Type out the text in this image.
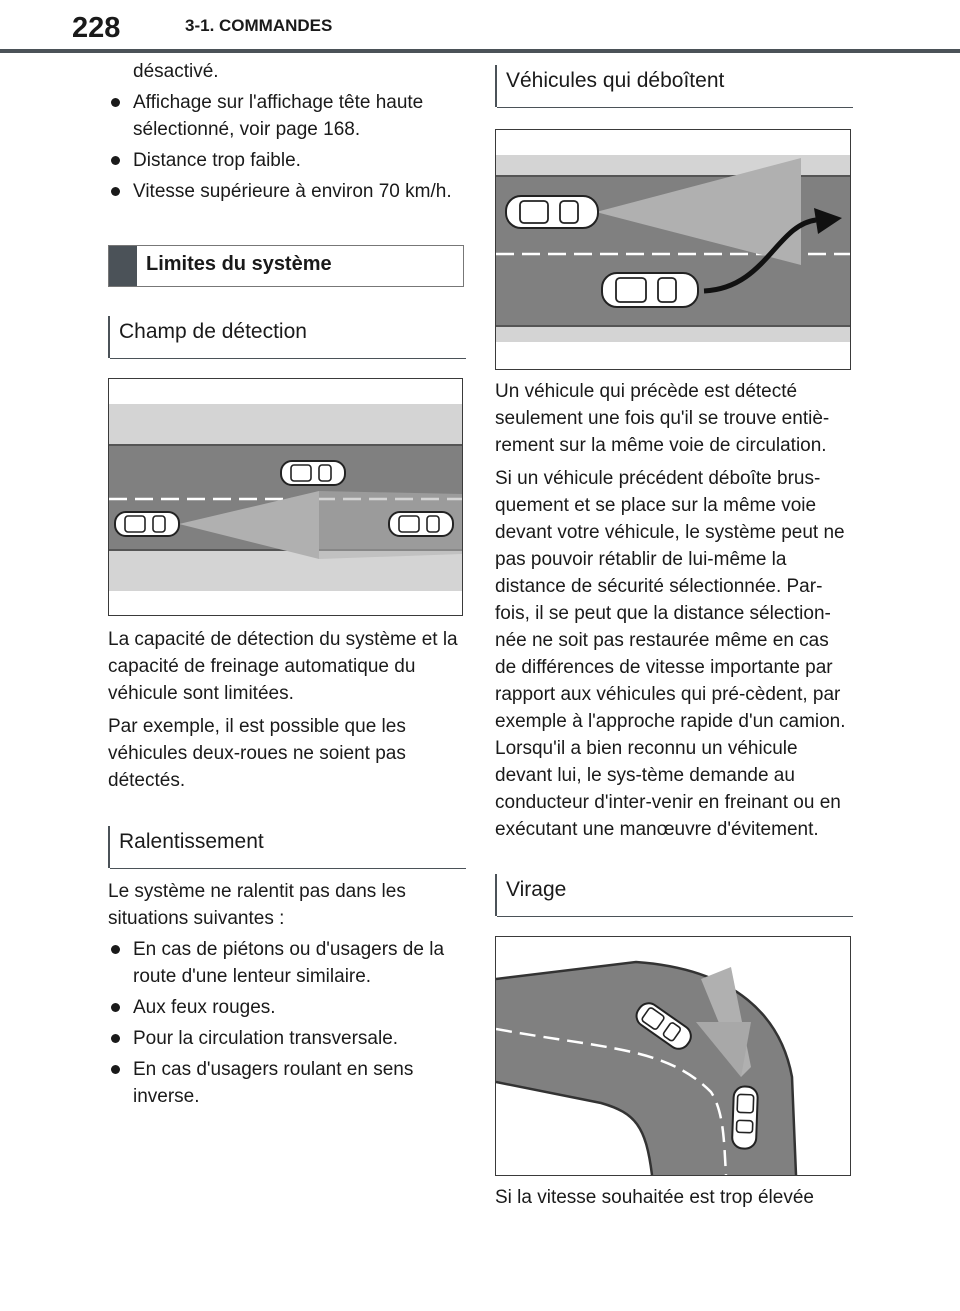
228	3-1. COMMANDES
désactivé.
Affichage sur l'affichage tête haute sélectionné, voir page 168.
Distance trop faible.
Vitesse supérieure à environ 70 km/h.
Limites du système
Champ de détection
La capacité de détection du système et la capacité de freinage automatique du véhicule sont limitées.
Par exemple, il est possible que les véhicules deux-roues ne soient pas détectés.
Ralentissement
Le système ne ralentit pas dans les situations suivantes :
En cas de piétons ou d'usagers de la route d'une lenteur similaire.
Aux feux rouges.
Pour la circulation transversale.
En cas d'usagers roulant en sens inverse.
Véhicules qui déboîtent
Un véhicule qui précède est détecté seulement une fois qu'il se trouve entiè-rement sur la même voie de circulation.
Si un véhicule précédent déboîte brus-quement et se place sur la même voie devant votre véhicule, le système peut ne pas pouvoir rétablir de lui-même la distance de sécurité sélectionnée. Par-fois, il se peut que la distance sélection-née ne soit pas restaurée même en cas de différences de vitesse importante par rapport aux véhicules qui pré-cèdent, par exemple à l'approche rapide d'un camion. Lorsqu'il a bien reconnu un véhicule devant lui, le sys-tème demande au conducteur d'inter-venir en freinant ou en exécutant une manœuvre d'évitement.
Virage
Si la vitesse souhaitée est trop élevée
